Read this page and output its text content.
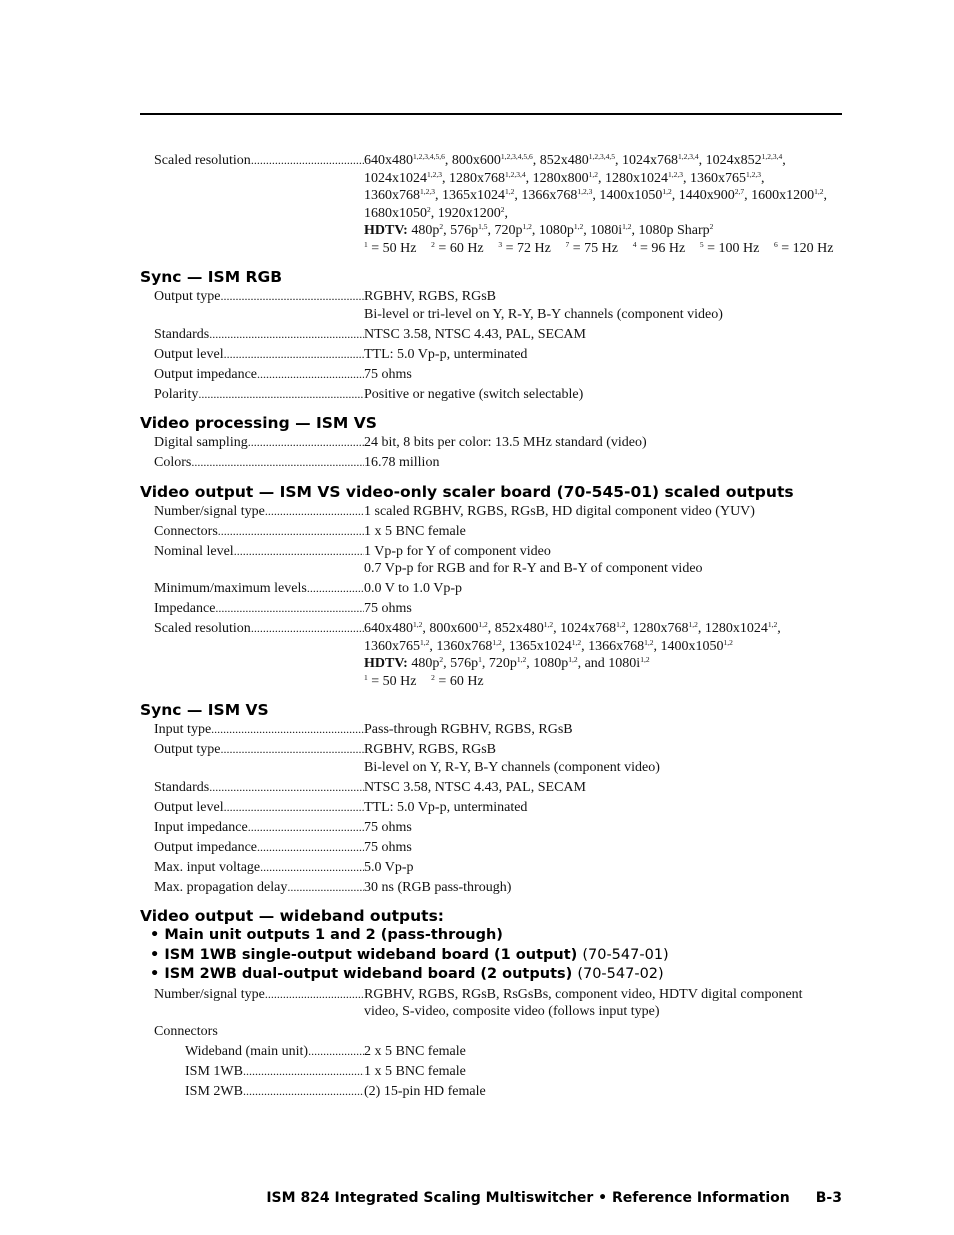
Scaled resolution .....	640x480$^{1,2,3,4,5,6}$, 800x600$^{1,2,3,4,5,6}$, 852x480$^{1,2,3,4,5}$, 1024x768$^{1,2,3,4}$, 1024x852$^{1,2,3,4}$,
1024x1024$^{1,2,3}$, 1280x768$^{1,2,3,4}$, 1280x800$^{1,2}$, 1280x1024$^{1,2,3}$, 1360x765$^{1,2,3}$,
1360x768$^{1,2,3}$, 1365x1024$^{1,2}$, 1366x768$^{1,2,3}$, 1400x1050$^{1,2}$, 1440x900$^{2,7}$, 1600x1200$^{1,2}$,
1680x1050$^2$, 1920x1200$^2$,
HDTV: $480p^2$, $576p^{1,5}$, $720p^{1,2}$, $1080p^{1,2}$, $1080i^{1,2}$, 1080p Sharp$^2$
$^1$ = 50 Hz $^2$ = 60 Hz $^3$ = 72 Hz $^7$ = 75 Hz $^4$ = 96 Hz $^5$ = 100 Hz $^6$ = 120 Hz
Sync — ISM RGB
Output type .....	RGBHV, RGBS, RGsB
Bi-level or tri-level on Y, R-Y, B-Y channels (component video)
Standards .....	NTSC 3.58, NTSC 4.43, PAL, SECAM
Output level .....	TTL: 5.0 Vp-p, unterminated
Output impedance .....	75 ohms
Polarity .....	Positive or negative (switch selectable)
Video processing — ISM VS
Digital sampling .....	24 bit, 8 bits per color: 13.5 MHz standard (video)
Colors .....	16.78 million
Video output — ISM VS video-only scaler board (70-545-01) scaled outputs
Number/signal type .....	1 scaled RGBHV, RGBS, RGsB, HD digital component video (YUV)
Connectors .....	1 x 5 BNC female
Nominal level .....	1 Vp-p for Y of component video
0.7 Vp-p for RGB and for R-Y and B-Y of component video
Minimum/maximum levels .....	0.0 V to 1.0 Vp-p
Impedance .....	75 ohms
Scaled resolution .....	640x480$^{1,2}$, 800x600$^{1,2}$, 852x480$^{1,2}$, 1024x768$^{1,2}$, 1280x768$^{1,2}$, 1280x1024$^{1,2}$,
1360x765$^{1,2}$, 1360x768$^{1,2}$, 1365x1024$^{1,2}$, 1366x768$^{1,2}$, 1400x1050$^{1,2}$
HDTV: $480p^2$, $576p^1$, $720p^{1,2}$, $1080p^{1,2}$, and $1080i^{1,2}$
$^1$ = 50 Hz $^2$ = 60 Hz
Sync — ISM VS
Input type .....	Pass-through RGBHV, RGBS, RGsB
Output type .....	RGBHV, RGBS, RGsB
Bi-level on Y, R-Y, B-Y channels (component video)
Standards .....	NTSC 3.58, NTSC 4.43, PAL, SECAM
Output level .....	TTL: 5.0 Vp-p, unterminated
Input impedance .....	75 ohms
Output impedance .....	75 ohms
Max. input voltage .....	5.0 Vp-p
Max. propagation delay .....	30 ns (RGB pass-through)
Video output — wideband outputs:
• Main unit outputs 1 and 2 (pass-through)
• ISM 1WB single-output wideband board (1 output) (70-547-01)
• ISM 2WB dual-output wideband board (2 outputs) (70-547-02)
Number/signal type .....	RGBHV, RGBS, RGsB, RsGsBs, component video, HDTV digital component
video, S-video, composite video (follows input type)
Connectors

Wideband (main unit) .....	2 x 5 BNC female
ISM 1WB .....	1 x 5 BNC female
ISM 2WB .....	(2) 15-pin HD female
ISM 824 Integrated Scaling Multiswitcher • Reference Information B-3
